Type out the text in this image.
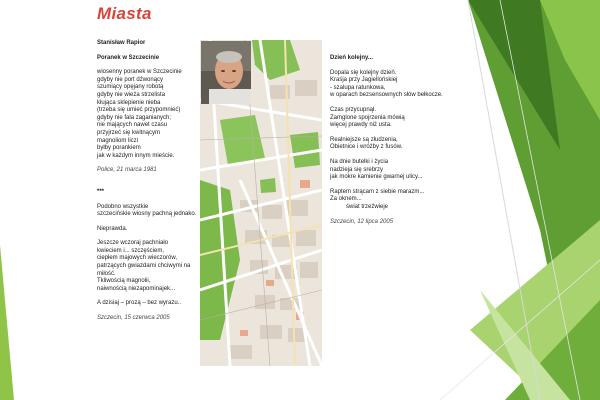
Miasta

Stanisław Rapior

Poranek w Szczecinie

wiosenny poranek w Szczecinie

gdyby nie port dźwonący

szumiący opęjany robotą

gdyby nie wieża strzelista

kłująca sklepienie nieba

(trzeba się umieć przypomnieć)

gdyby nie fala zaganianych;

nie mających nawet czasu

przyjrzeć się kwitnącym

magnoliom liczi

byłby porankiem

jak w każdym innym mieście.

Police, 21 marca 1981

***

Podobno wszystkie

szczecińskie wiosny pachną jednako.

Nieprawda.

Jeszcze wczoraj pachniało

kwieciem i... szczęściem,

ciepłem majowych wieczorów,

patrzących gwiazdami chciwymi na

miłość.

Tkliwością magnolii,

naiwnością niezapominajek...

A dzisiaj – prozą – bez wyrazu..

Szczecin, 15 czerwca 2005

Dzień kolejny...

Dopala się kolejny dzień.

Kraśja przy Jagiellońskiej

- szalupa ratunkowa,

w oparach bezsensownych słów bełkocze.

Czas przycupnął.

Zamglone spojrzenia mówią

więcej prawdy niż usta.

Realniejsze są złudzenia,

Obietnice i wróżby z fusów.

Na dnie butelki i życia

nadzieja się srebrzy

jak mokre kamienie gwarnej ulicy...

Raptem strącam z siebie marazm...

Za oknem...

świat trzeźwieje

Szczecin, 12 lipca 2005
